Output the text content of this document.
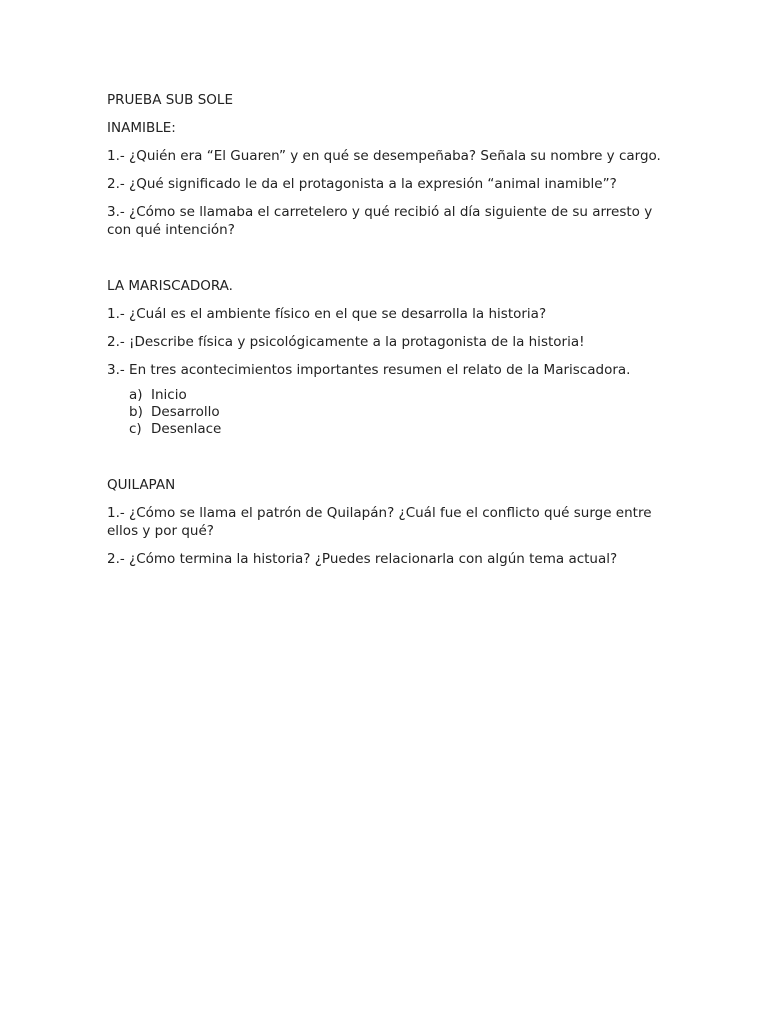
PRUEBA SUB SOLE

INAMIBLE:

1.- ¿Quién era “El Guaren” y en qué se desempeñaba? Señala su nombre y cargo.

2.- ¿Qué significado le da el protagonista a la expresión “animal inamible”?

3.- ¿Cómo se llamaba el carretelero y qué recibió al día siguiente de su arresto y con qué intención?

LA MARISCADORA.

1.- ¿Cuál es el ambiente físico en el que se desarrolla la historia?

2.- ¡Describe física y psicológicamente a la protagonista de la historia!

3.- En tres acontecimientos importantes resumen el relato de la Mariscadora.

a) Inicio
b) Desarrollo
c) Desenlace

QUILAPAN

1.- ¿Cómo se llama el patrón de Quilapán? ¿Cuál fue el conflicto qué surge entre ellos y por qué?

2.- ¿Cómo termina la historia? ¿Puedes relacionarla con algún tema actual?
